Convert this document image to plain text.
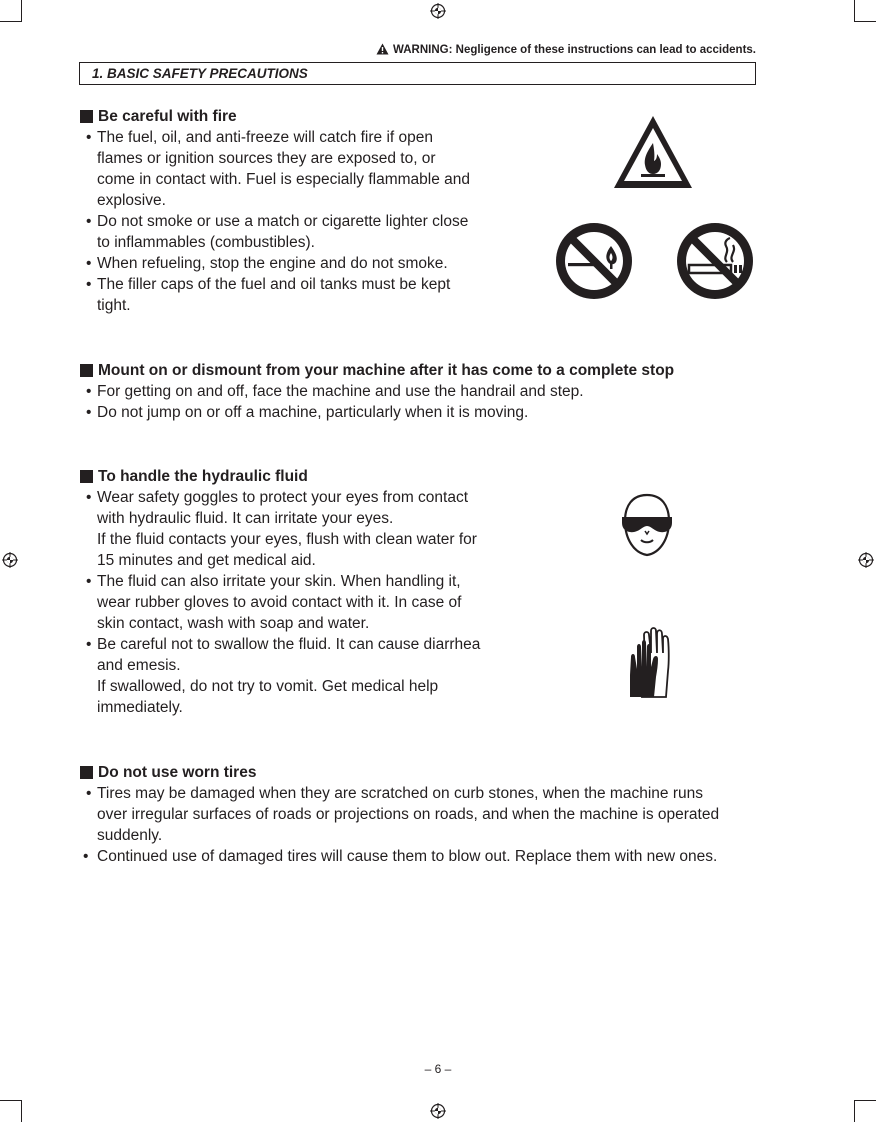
WARNING: Negligence of these instructions can lead to accidents.
1. BASIC SAFETY PRECAUTIONS
Be careful with fire
• The fuel, oil, and anti-freeze will catch fire if open
flames or ignition sources they are exposed to, or
come in contact with. Fuel is especially flammable and
explosive.
• Do not smoke or use a match or cigarette lighter close
to inflammables (combustibles).
• When refueling, stop the engine and do not smoke.
• The filler caps of the fuel and oil tanks must be kept
tight.
Mount on or dismount from your machine after it has come to a complete stop
• For getting on and off, face the machine and use the handrail and step.
• Do not jump on or off a machine, particularly when it is moving.
To handle the hydraulic fluid
• Wear safety goggles to protect your eyes from contact
with hydraulic fluid. It can irritate your eyes.
If the fluid contacts your eyes, flush with clean water for
15 minutes and get medical aid.
• The fluid can also irritate your skin. When handling it,
wear rubber gloves to avoid contact with it. In case of
skin contact, wash with soap and water.
• Be careful not to swallow the fluid. It can cause diarrhea
and emesis.
If swallowed, do not try to vomit. Get medical help
immediately.
Do not use worn tires
• Tires may be damaged when they are scratched on curb stones, when the machine runs
over irregular surfaces of roads or projections on roads, and when the machine is operated
suddenly.
• Continued use of damaged tires will cause them to blow out. Replace them with new ones.
– 6 –
